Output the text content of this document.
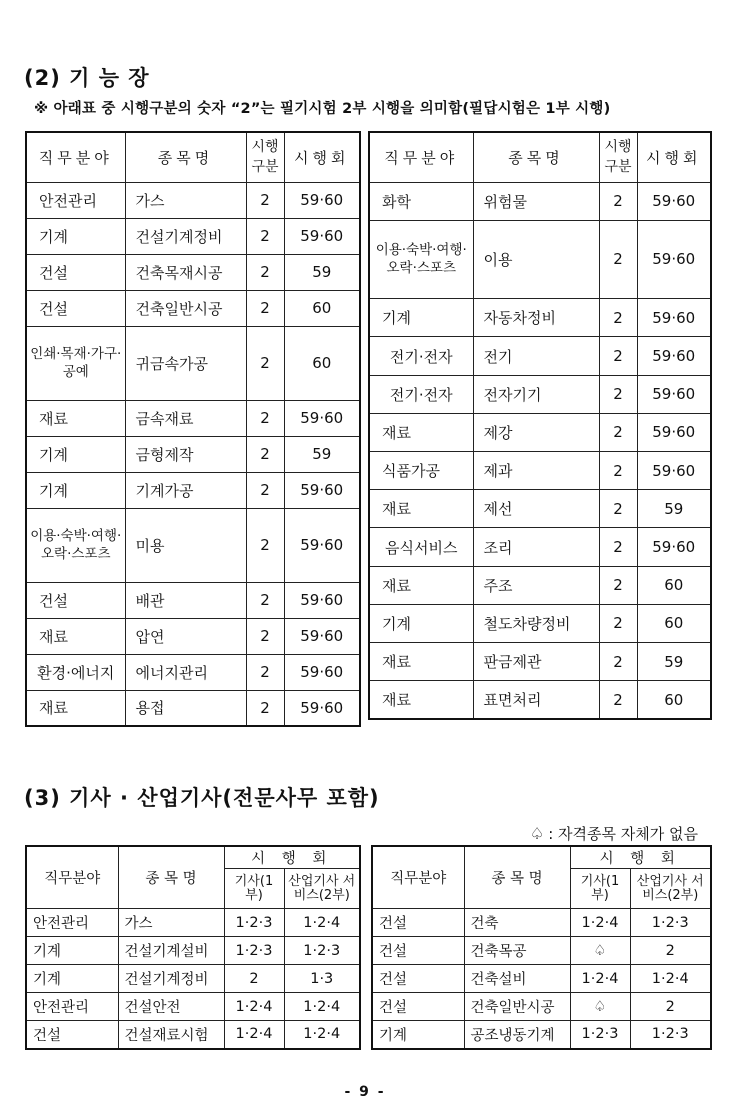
(2) 기 능 장
※ 아래표 중 시행구분의 숫자 “2”는 필기시험 2부 시행을 의미함(필답시험은 1부 시행)
직무분야	종목명	시행 구분	시행회
안전관리	가스	2	59·60
기계	건설기계정비	2	59·60
건설	건축목재시공	2	59
건설	건축일반시공	2	60
인쇄·목재·가구·공예	귀금속가공	2	60
재료	금속재료	2	59·60
기계	금형제작	2	59
기계	기계가공	2	59·60
이용·숙박·여행·오락·스포츠	미용	2	59·60
건설	배관	2	59·60
재료	압연	2	59·60
환경·에너지	에너지관리	2	59·60
재료	용접	2	59·60
직무분야	종목명	시행 구분	시행회
화학	위험물	2	59·60
이용·숙박·여행·오락·스포츠	이용	2	59·60
기계	자동차정비	2	59·60
전기·전자	전기	2	59·60
전기·전자	전자기기	2	59·60
재료	제강	2	59·60
식품가공	제과	2	59·60
재료	제선	2	59
음식서비스	조리	2	59·60
재료	주조	2	60
기계	철도차량정비	2	60
재료	판금제관	2	59
재료	표면처리	2	60
(3) 기사 · 산업기사(전문사무 포함)
♤ : 자격종목 자체가 없음
직무분야	종 목 명	시 행 회	
		기사(1부)	산업기사 서비스(2부)
안전관리	가스	1·2·3	1·2·4
기계	건설기계설비	1·2·3	1·2·3
기계	건설기계정비	2	1·3
안전관리	건설안전	1·2·4	1·2·4
건설	건설재료시험	1·2·4	1·2·4
직무분야	종 목 명	시 행 회	
		기사(1부)	산업기사 서비스(2부)
건설	건축	1·2·4	1·2·3
건설	건축목공	♤	2
건설	건축설비	1·2·4	1·2·4
건설	건축일반시공	♤	2
기계	공조냉동기계	1·2·3	1·2·3
- 9 -
